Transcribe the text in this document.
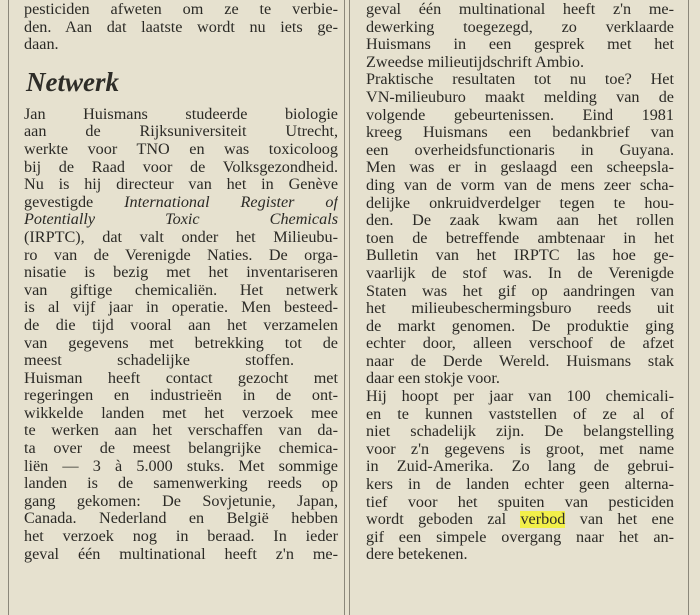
pesticiden afweten om ze te verbie-
den. Aan dat laatste wordt nu iets ge-
daan.
Netwerk
Jan Huismans studeerde biologie
aan de Rijksuniversiteit Utrecht,
werkte voor TNO en was toxicoloog
bij de Raad voor de Volksgezondheid.
Nu is hij directeur van het in Genève
gevestigde International Register of
Potentially Toxic Chemicals
(IRPTC), dat valt onder het Milieubu-
ro van de Verenigde Naties. De orga-
nisatie is bezig met het inventariseren
van giftige chemicaliën. Het netwerk
is al vijf jaar in operatie. Men besteed-
de die tijd vooral aan het verzamelen
van gegevens met betrekking tot de
meest schadelijke stoffen.
Huisman heeft contact gezocht met
regeringen en industrieën in de ont-
wikkelde landen met het verzoek mee
te werken aan het verschaffen van da-
ta over de meest belangrijke chemica-
liën — 3 à 5.000 stuks. Met sommige
landen is de samenwerking reeds op
gang gekomen: De Sovjetunie, Japan,
Canada. Nederland en België hebben
het verzoek nog in beraad. In ieder
geval één multinational heeft z'n me-
geval één multinational heeft z'n me-
dewerking toegezegd, zo verklaarde
Huismans in een gesprek met het
Zweedse milieutijdschrift Ambio.
Praktische resultaten tot nu toe? Het
VN-milieuburo maakt melding van de
volgende gebeurtenissen. Eind 1981
kreeg Huismans een bedankbrief van
een overheidsfunctionaris in Guyana.
Men was er in geslaagd een scheepsla-
ding van de vorm van de mens zeer scha-
delijke onkruidverdelger tegen te hou-
den. De zaak kwam aan het rollen
toen de betreffende ambtenaar in het
Bulletin van het IRPTC las hoe ge-
vaarlijk de stof was. In de Verenigde
Staten was het gif op aandringen van
het milieubeschermingsburo reeds uit
de markt genomen. De produktie ging
echter door, alleen verschoof de afzet
naar de Derde Wereld. Huismans stak
daar een stokje voor.
Hij hoopt per jaar van 100 chemicali-
en te kunnen vaststellen of ze al of
niet schadelijk zijn. De belangstelling
voor z'n gegevens is groot, met name
in Zuid-Amerika. Zo lang de gebrui-
kers in de landen echter geen alterna-
tief voor het spuiten van pesticiden
wordt geboden zal verbod van het ene
gif een simpele overgang naar het an-
dere betekenen.
